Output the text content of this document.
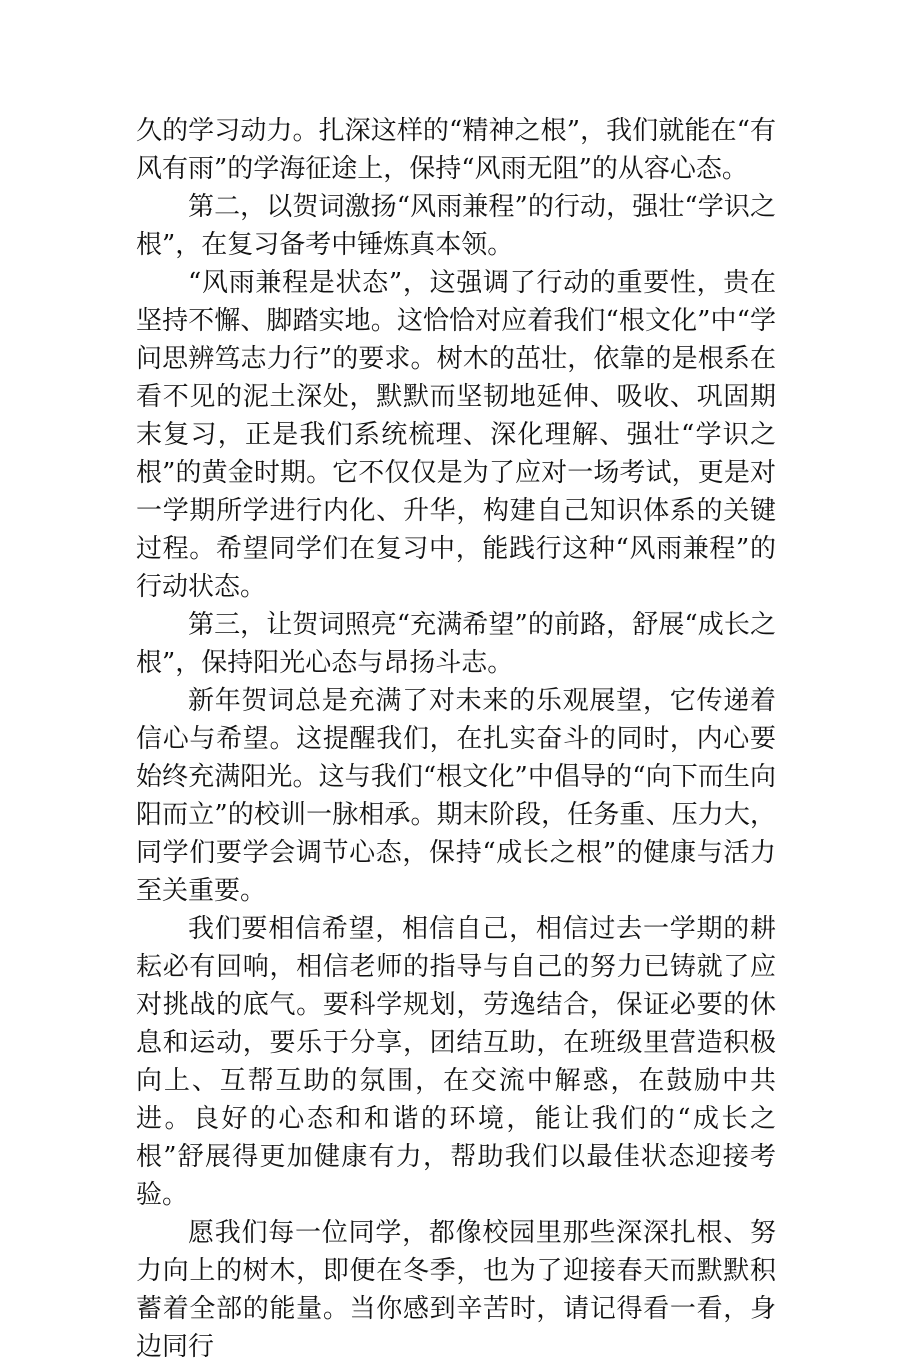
久的学习动力。扎深这样的“精神之根”，我们就能在“有风有雨”的学海征途上，保持“风雨无阻”的从容心态。

第二，以贺词激扬“风雨兼程”的行动，强壮“学识之根”，在复习备考中锤炼真本领。

“风雨兼程是状态”，这强调了行动的重要性，贵在坚持不懈、脚踏实地。这恰恰对应着我们“根文化”中“学问思辨笃志力行”的要求。树木的茁壮，依靠的是根系在看不见的泥土深处，默默而坚韧地延伸、吸收、巩固期末复习，正是我们系统梳理、深化理解、强壮“学识之根”的黄金时期。它不仅仅是为了应对一场考试，更是对一学期所学进行内化、升华，构建自己知识体系的关键过程。希望同学们在复习中，能践行这种“风雨兼程”的行动状态。

第三，让贺词照亮“充满希望”的前路，舒展“成长之根”，保持阳光心态与昂扬斗志。

新年贺词总是充满了对未来的乐观展望，它传递着信心与希望。这提醒我们，在扎实奋斗的同时，内心要始终充满阳光。这与我们“根文化”中倡导的“向下而生向阳而立”的校训一脉相承。期末阶段，任务重、压力大，同学们要学会调节心态，保持“成长之根”的健康与活力至关重要。

我们要相信希望，相信自己，相信过去一学期的耕耘必有回响，相信老师的指导与自己的努力已铸就了应对挑战的底气。要科学规划，劳逸结合，保证必要的休息和运动，要乐于分享，团结互助，在班级里营造积极向上、互帮互助的氛围，在交流中解惑，在鼓励中共进。良好的心态和和谐的环境，能让我们的“成长之根”舒展得更加健康有力，帮助我们以最佳状态迎接考验。

愿我们每一位同学，都像校园里那些深深扎根、努力向上的树木，即便在冬季，也为了迎接春天而默默积蓄着全部的能量。当你感到辛苦时，请记得看一看，身边同行
